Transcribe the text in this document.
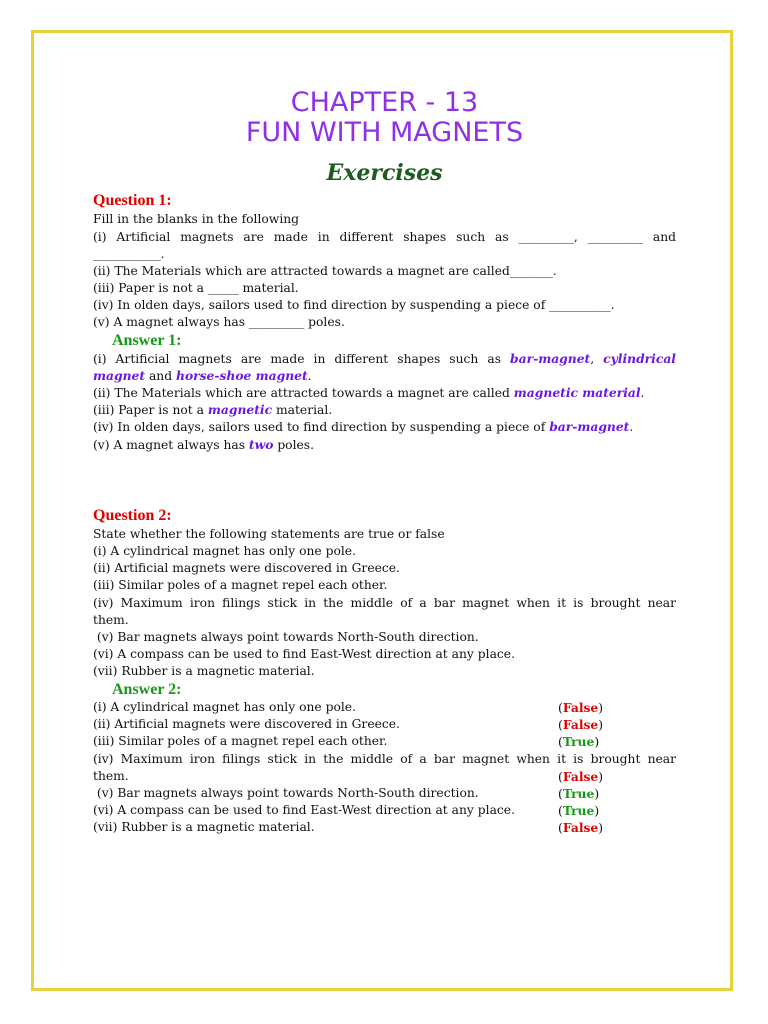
CHAPTER - 13
FUN WITH MAGNETS
Exercises
Question 1:
Fill in the blanks in the following
(i) Artificial magnets are made in different shapes such as _________, _________ and
___________.
(ii) The Materials which are attracted towards a magnet are called_______.
(iii) Paper is not a _____ material.
(iv) In olden days, sailors used to find direction by suspending a piece of __________.
(v) A magnet always has _________ poles.
Answer 1:
(i) Artificial magnets are made in different shapes such as bar-magnet, cylindrical
magnet and horse-shoe magnet.
(ii) The Materials which are attracted towards a magnet are called magnetic material.
(iii) Paper is not a magnetic material.
(iv) In olden days, sailors used to find direction by suspending a piece of bar-magnet.
(v) A magnet always has two poles.
Question 2:
State whether the following statements are true or false
(i) A cylindrical magnet has only one pole.
(ii) Artificial magnets were discovered in Greece.
(iii) Similar poles of a magnet repel each other.
(iv) Maximum iron filings stick in the middle of a bar magnet when it is brought near
them.
(v) Bar magnets always point towards North-South direction.
(vi) A compass can be used to find East-West direction at any place.
(vii) Rubber is a magnetic material.
Answer 2:
(i) A cylindrical magnet has only one pole.	(False)
(ii) Artificial magnets were discovered in Greece.	(False)
(iii) Similar poles of a magnet repel each other.	(True)
(iv) Maximum iron filings stick in the middle of a bar magnet when it is brought near
them.	(False)
(v) Bar magnets always point towards North-South direction.	(True)
(vi) A compass can be used to find East-West direction at any place.	(True)
(vii) Rubber is a magnetic material.	(False)
